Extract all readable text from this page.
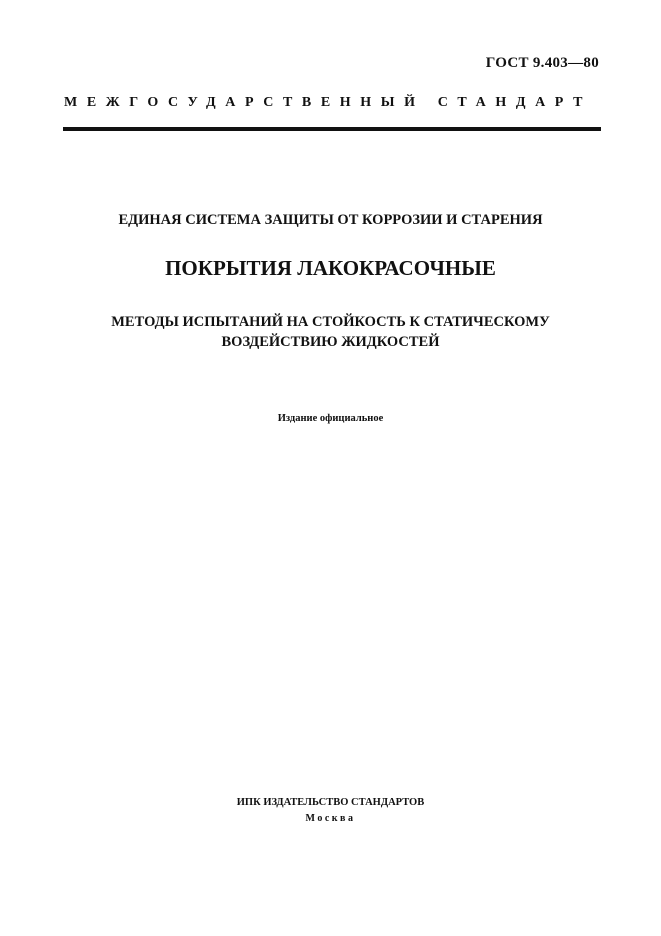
ГОСТ 9.403—80
МЕЖГОСУДАРСТВЕННЫЙ СТАНДАРТ
ЕДИНАЯ СИСТЕМА ЗАЩИТЫ ОТ КОРРОЗИИ И СТАРЕНИЯ
ПОКРЫТИЯ ЛАКОКРАСОЧНЫЕ
МЕТОДЫ ИСПЫТАНИЙ НА СТОЙКОСТЬ К СТАТИЧЕСКОМУ
ВОЗДЕЙСТВИЮ ЖИДКОСТЕЙ
Издание официальное
ИПК ИЗДАТЕЛЬСТВО СТАНДАРТОВ
Москва
